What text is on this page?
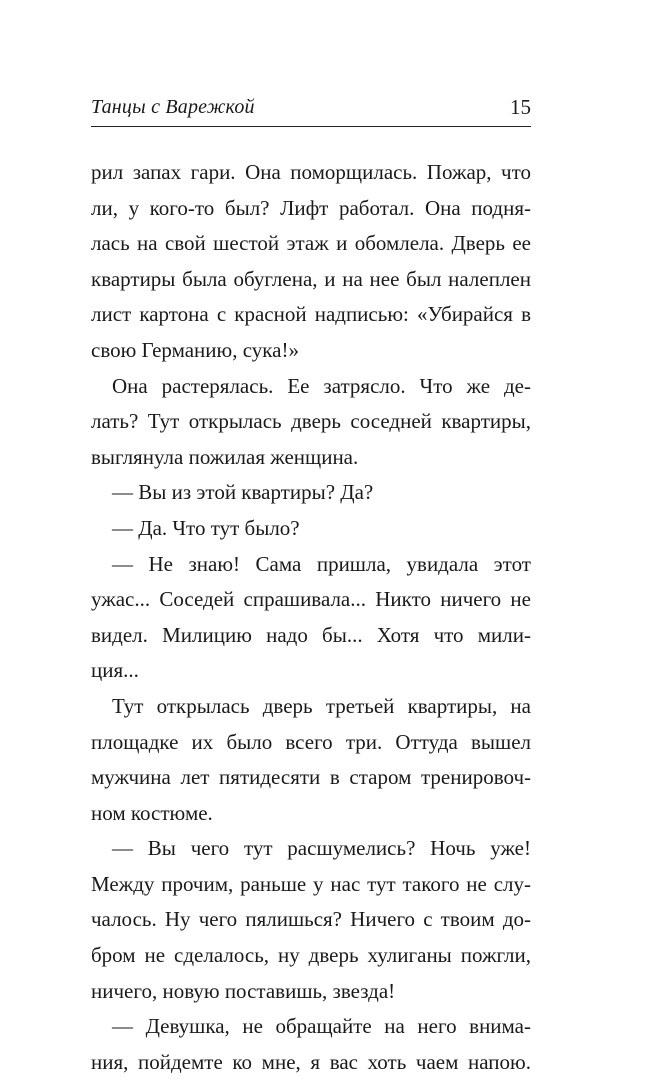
Танцы с Варежкой	15
рил запах гари. Она поморщилась. Пожар, что
ли, у кого-то был? Лифт работал. Она подня-
лась на свой шестой этаж и обомлела. Дверь ее
квартиры была обуглена, и на нее был налеплен
лист картона с красной надписью: «Убирайся в
свою Германию, сука!»
Она растерялась. Ее затрясло. Что же де-
лать? Тут открылась дверь соседней квартиры,
выглянула пожилая женщина.
— Вы из этой квартиры? Да?
— Да. Что тут было?
— Не знаю! Сама пришла, увидала этот
ужас... Соседей спрашивала... Никто ничего не
видел. Милицию надо бы... Хотя что мили-
ция...
Тут открылась дверь третьей квартиры, на
площадке их было всего три. Оттуда вышел
мужчина лет пятидесяти в старом тренировоч-
ном костюме.
— Вы чего тут расшумелись? Ночь уже!
Между прочим, раньше у нас тут такого не слу-
чалось. Ну чего пялишься? Ничего с твоим до-
бром не сделалось, ну дверь хулиганы пожгли,
ничего, новую поставишь, звезда!
— Девушка, не обращайте на него внима-
ния, пойдемте ко мне, я вас хоть чаем напою.
